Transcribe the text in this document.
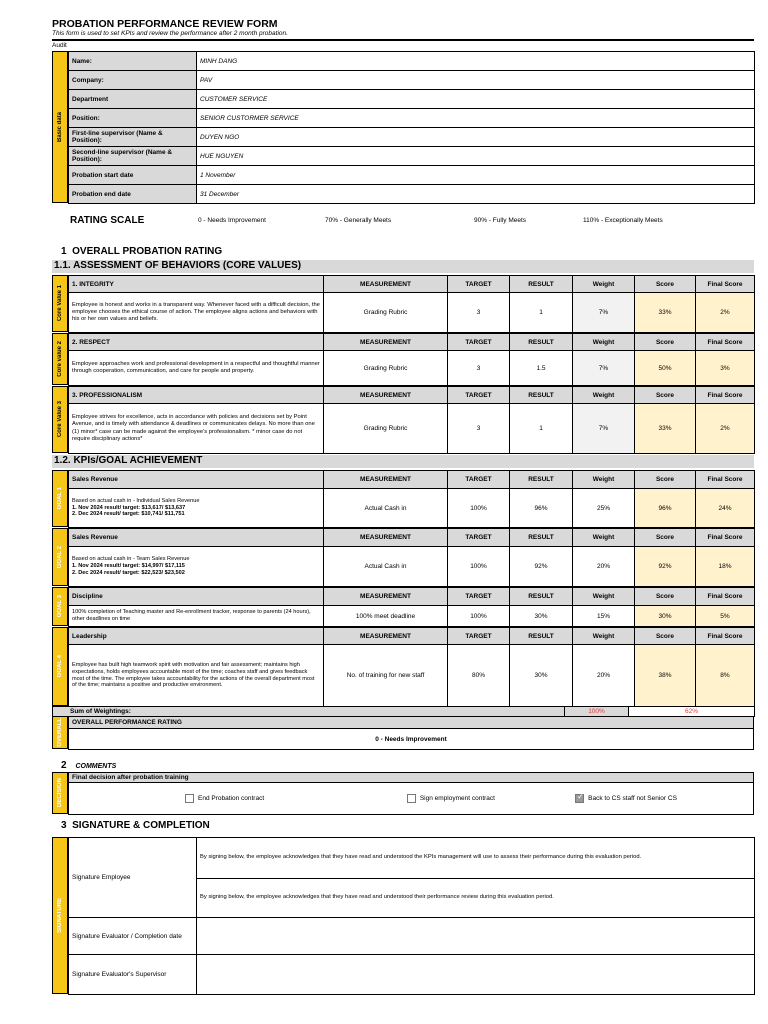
PROBATION PERFORMANCE REVIEW FORM
This form is used to set KPIs and review the performance after 2 month probation.
Audit
Basic data
Name:	MINH DANG
Company:	PAV
Department	CUSTOMER SERVICE
Position:	SENIOR CUSTORMER SERVICE
First-line supervisor (Name & Position):	DUYEN NGO
Second-line supervisor (Name & Position):	HUE NGUYEN
Probation start date	1 November
Probation end date	31 December
RATING SCALE	0 - Needs Improvement	70% - Generally Meets	90% - Fully Meets	110% - Exceptionally Meets
1 OVERALL PROBATION RATING
1.1. ASSESSMENT OF BEHAVIORS (CORE VALUES)
Core Value 1
1. INTEGRITY	MEASUREMENT	TARGET	RESULT	Weight	Score	Final Score
Employee is honest and works in a transparent way. Whenever faced with a difficult decision, the employee chooses the ethical course of action. The employee aligns actions and behaviors with his or her own values and beliefs.	Grading Rubric	3	1	7%	33%	2%
Core value 2 2. RESPECT	MEASUREMENT	TARGET	RESULT	Weight	Score	Final Score
Employee approaches work and professional development in a respectful and thoughtful manner through cooperation, communication, and care for people and property.	Grading Rubric	3	1.5	7%	50%	3%
Core Value 3
3. PROFESSIONALISM	MEASUREMENT	TARGET	RESULT	Weight	Score	Final Score
Employee strives for excellence, acts in accordance with policies and decisions set by Point Avenue, and is timely with attendance & deadlines or communicates delays. No more than one (1) minor* case can be made against the employee's professionalism. * minor case do not require disciplinary actions*	Grading Rubric	3	1	7%	33%	2%
1.2. KPIs/GOAL ACHIEVEMENT
GOAL 1
Sales Revenue	MEASUREMENT	TARGET	RESULT	Weight	Score	Final Score

Based on actual cash in - Individual Sales Revenue
1. Nov 2024 result/ target: $13,617/ $13,637
2. Dec 2024 result/ target: $10,741/ $11,751	Actual Cash in	100%	96%	25%	96%	24%
GOAL 2
Sales Revenue	MEASUREMENT	TARGET	RESULT	Weight	Score	Final Score

Based on actual cash in - Team Sales Revenue
1. Nov 2024 result/ target: $14,997/ $17,115
2. Dec 2024 result/ target: $22,523/ $23,502	Actual Cash in	100%	92%	20%	92%	18%
GOAL 3 Discipline	MEASUREMENT	TARGET	RESULT	Weight	Score	Final Score

100% completion of Teaching master and Re-enrollment tracker, response to parents (24 hours), other deadlines on time	100% meet deadline	100%	30%	15%	30%	5%
GOAL 4
Leadership	MEASUREMENT	TARGET	RESULT	Weight	Score	Final Score

Employee has built high teamwork spirit with motivation and fair assessment; maintains high expectations, holds employees accountable most of the time; coaches staff and gives feedback most of the time. The employee takes accountability for the actions of the overall department most of the time; maintains a positive and productive environment.	No. of training for new staff	80%	30%	20%	38%	8%
Sum of Weightings:	100%	62%
OVERALL OVERALL PERFORMANCE RATING
0 - Needs Improvement
2 COMMENTS
DECISION
Final decision after probation training
End Probation contract	Sign employment contract	✓Back to CS staff not Senior CS
3 SIGNATURE & COMPLETION
SIGNATURE
Signature Employee	By signing below, the employee acknowledges that they have read and understood the KPIs management will use to assess their performance during this evaluation period.
	By signing below, the employee acknowledges that they have read and understood their performance review during this evaluation period.
Signature Evaluator / Completion date	
Signature Evaluator's Supervisor	
